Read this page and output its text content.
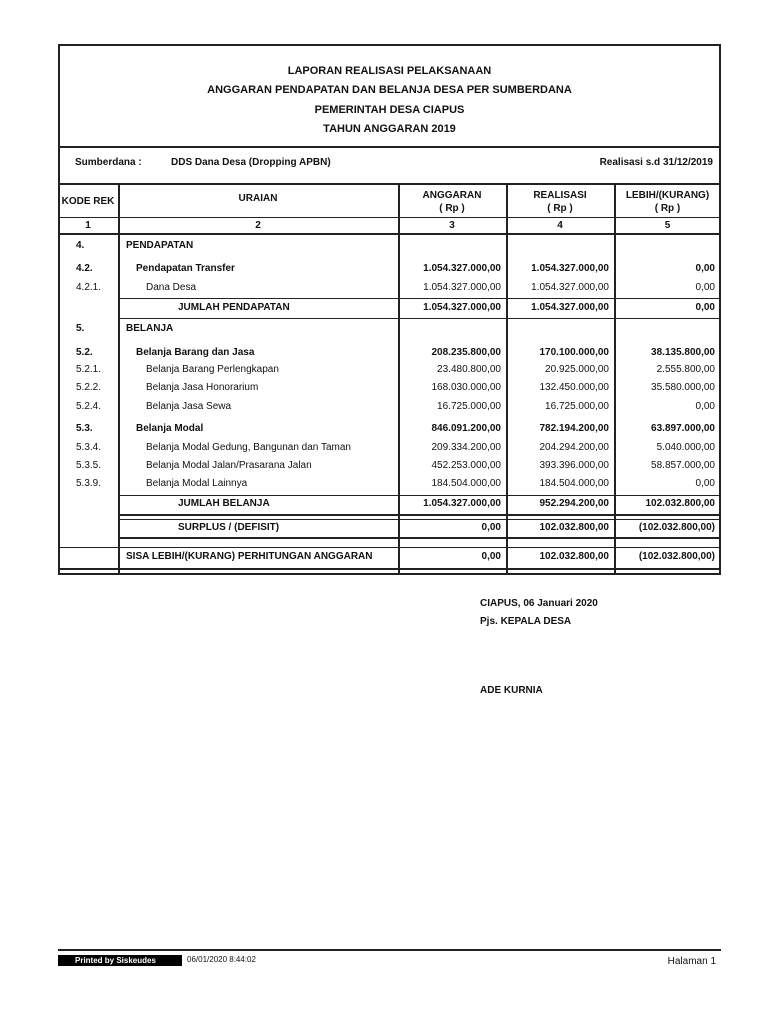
LAPORAN REALISASI PELAKSANAAN
ANGGARAN PENDAPATAN DAN BELANJA DESA PER SUMBERDANA
PEMERINTAH DESA CIAPUS
TAHUN ANGGARAN 2019
Sumberdana :	DDS Dana Desa (Dropping APBN)	Realisasi s.d 31/12/2019
KODE REK	URAIAN	ANGGARAN
( Rp )
REALISASI
( Rp )
LEBIH/(KURANG)
( Rp )
1	2	3	4	5
4.	PENDAPATAN
4.2.	Pendapatan Transfer	1.054.327.000,00	1.054.327.000,00	0,00
4.2.1.	Dana Desa	1.054.327.000,00	1.054.327.000,00	0,00
JUMLAH PENDAPATAN	1.054.327.000,00	1.054.327.000,00	0,00
5.	BELANJA
5.2.	Belanja Barang dan Jasa	208.235.800,00	170.100.000,00	38.135.800,00
5.2.1.	Belanja Barang Perlengkapan	23.480.800,00	20.925.000,00	2.555.800,00
5.2.2.	Belanja Jasa Honorarium	168.030.000,00	132.450.000,00	35.580.000,00
5.2.4.	Belanja Jasa Sewa	16.725.000,00	16.725.000,00	0,00
5.3.	Belanja Modal	846.091.200,00	782.194.200,00	63.897.000,00
5.3.4.	Belanja Modal Gedung, Bangunan dan Taman	209.334.200,00	204.294.200,00	5.040.000,00
5.3.5.	Belanja Modal Jalan/Prasarana Jalan	452.253.000,00	393.396.000,00	58.857.000,00
5.3.9.	Belanja Modal Lainnya	184.504.000,00	184.504.000,00	0,00
JUMLAH BELANJA	1.054.327.000,00	952.294.200,00	102.032.800,00
SURPLUS / (DEFISIT)	0,00	102.032.800,00	(102.032.800,00)
SISA LEBIH/(KURANG) PERHITUNGAN ANGGARAN	0,00	102.032.800,00	(102.032.800,00)
CIAPUS, 06 Januari 2020
Pjs. KEPALA DESA
ADE KURNIA
Printed by Siskeudes	06/01/2020 8:44:02	Halaman 1
